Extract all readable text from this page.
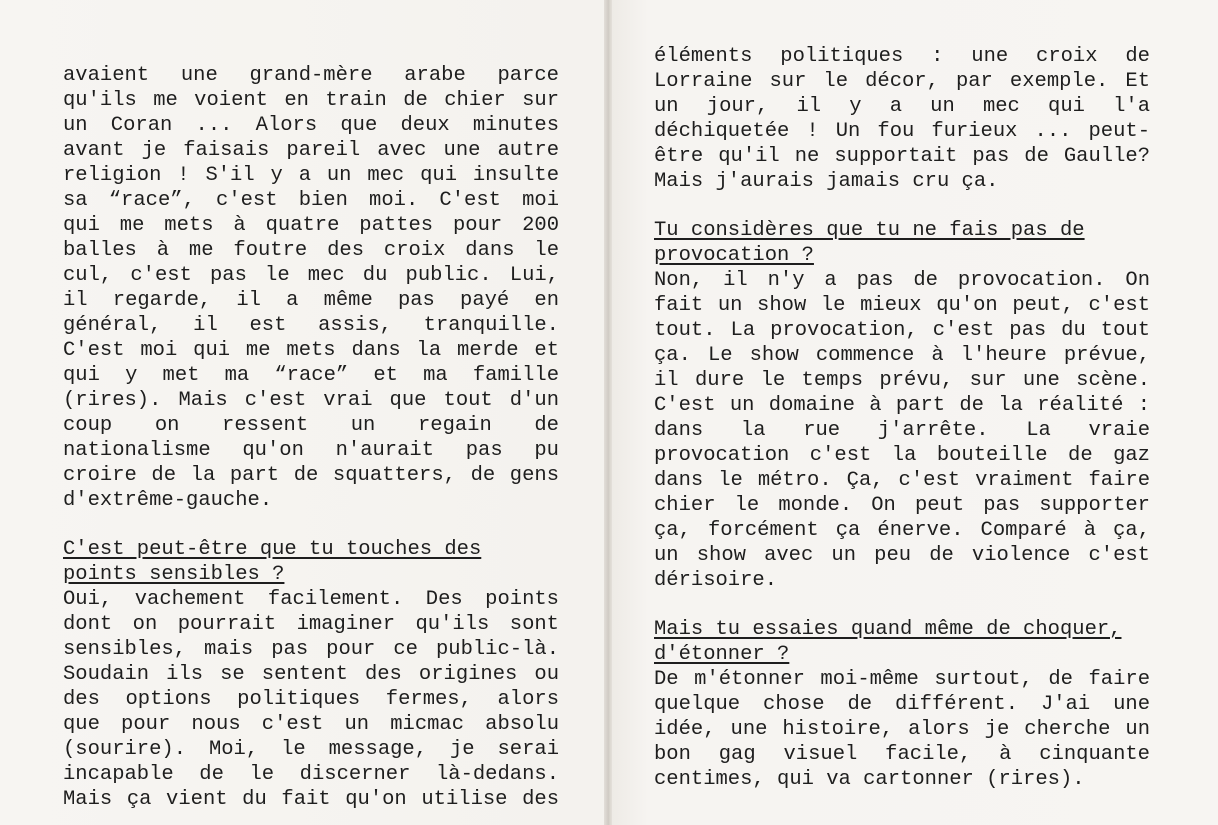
avaient une grand-mère arabe parce
qu'ils me voient en train de chier sur
un Coran ... Alors que deux minutes
avant je faisais pareil avec une autre
religion ! S'il y a un mec qui insulte
sa “race”, c'est bien moi. C'est moi
qui me mets à quatre pattes pour 200
balles à me foutre des croix dans le
cul, c'est pas le mec du public. Lui,
il regarde, il a même pas payé en
général, il est assis, tranquille.
C'est moi qui me mets dans la merde et
qui y met ma “race” et ma famille
(rires). Mais c'est vrai que tout d'un
coup on ressent un regain de
nationalisme qu'on n'aurait pas pu
croire de la part de squatters, de gens
d'extrême-gauche.
C'est peut-être que tu touches des
points sensibles ?
Oui, vachement facilement. Des points
dont on pourrait imaginer qu'ils sont
sensibles, mais pas pour ce public-là.
Soudain ils se sentent des origines ou
des options politiques fermes, alors
que pour nous c'est un micmac absolu
(sourire). Moi, le message, je serai
incapable de le discerner là-dedans.
Mais ça vient du fait qu'on utilise des
éléments politiques : une croix de
Lorraine sur le décor, par exemple. Et
un jour, il y a un mec qui l'a
déchiquetée ! Un fou furieux ... peut-
être qu'il ne supportait pas de Gaulle?
Mais j'aurais jamais cru ça.
Tu considères que tu ne fais pas de
provocation ?
Non, il n'y a pas de provocation. On
fait un show le mieux qu'on peut, c'est
tout. La provocation, c'est pas du tout
ça. Le show commence à l'heure prévue,
il dure le temps prévu, sur une scène.
C'est un domaine à part de la réalité :
dans la rue j'arrête. La vraie
provocation c'est la bouteille de gaz
dans le métro. Ça, c'est vraiment faire
chier le monde. On peut pas supporter
ça, forcément ça énerve. Comparé à ça,
un show avec un peu de violence c'est
dérisoire.
Mais tu essaies quand même de choquer,
d'étonner ?
De m'étonner moi-même surtout, de faire
quelque chose de différent. J'ai une
idée, une histoire, alors je cherche un
bon gag visuel facile, à cinquante
centimes, qui va cartonner (rires).
